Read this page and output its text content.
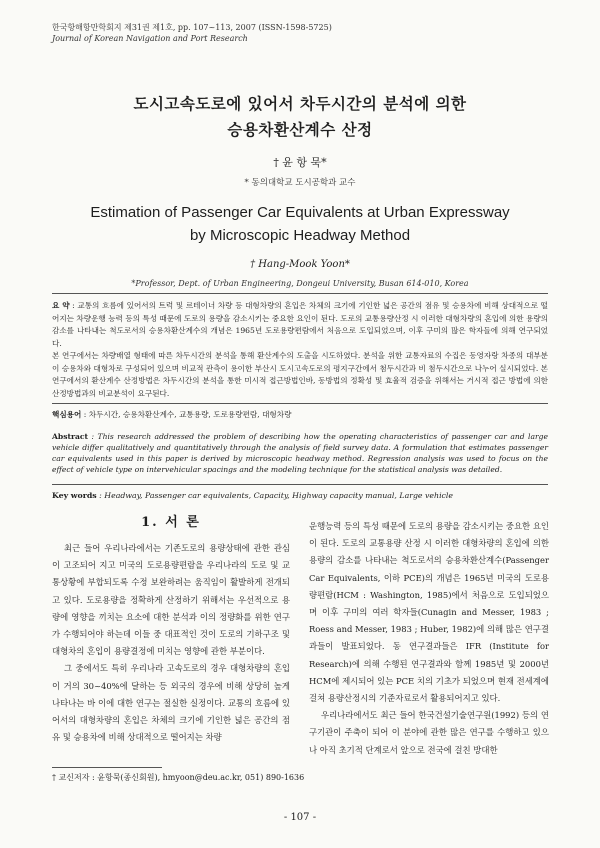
한국항해항만학회지 제31권 제1호, pp. 107~113, 2007 (ISSN-1598-5725)
Journal of Korean Navigation and Port Research
도시고속도로에 있어서 차두시간의 분석에 의한
승용차환산계수 산정
† 윤 항 묵*
* 동의대학교 도시공학과 교수
Estimation of Passenger Car Equivalents at Urban Expressway
by Microscopic Headway Method
† Hang-Mook Yoon*
*Professor, Dept. of Urban Engineering, Dongeui University, Busan 614-010, Korea

요 약 : 교통의 흐름에 있어서의 트럭 및 르테이너 차량 등 대형차량의 혼입은 차체의 크기에 기인한 넓은 공간의 점유 및 승용차에 비해 상대적으로 떨어지는 차량운행 능력 등의 특성 때문에 도로의 용량을 감소시키는 중요한 요인이 된다. 도로의 교통용량산정 시 이러한 대형차량의 혼입에 의한 용량의 감소를 나타내는 척도로서의 승용차환산계수의 개념은 1965년 도로용량편람에서 처음으로 도입되었으며, 이후 구미의 많은 학자들에 의해 연구되었다.

본 연구에서는 차량배열 형태에 따른 차두시간의 분석을 통해 환산계수의 도출을 시도하였다. 분석을 위한 교통자료의 수집은 동영자랑 차종의 대부분이 승용차와 대형차로 구성되어 있으며 비교적 관측이 용이한 부산시 도시고속도로의 평지구간에서 첨두시간과 비 첨두시간으로 나누어 실시되었다. 본 연구에서의 환산계수 산정방법은 차두시간의 분석을 통한 미시적 접근방법인바, 동방법의 정확성 및 효율적 검증을 위해서는 거시적 접근 방법에 의한 산정방법과의 비교분석이 요구된다.

핵심용어 : 차두시간, 승용차환산계수, 교통용량, 도로용량편람, 대형차량
Abstract : This research addressed the problem of describing how the operating characteristics of passenger car and large vehicle differ qualitatively and quantitatively through the analysis of field survey data. A formulation that estimates passenger car equivalents used in this paper is derived by microscopic headway method. Regression analysis was used to focus on the effect of vehicle type on intervehicular spacings and the modeling technique for the statistical analysis was detailed.
Key words : Headway, Passenger car equivalents, Capacity, Highway capacity manual, Large vehicle
1. 서 론

최근 들어 우리나라에서는 기존도로의 용량상태에 관한 관심이 고조되어 지고 미국의 도로용량편람을 우리나라의 도로 및 교통상황에 부합되도록 수정 보완하려는 움직임이 활발하게 전개되고 있다. 도로용량을 정확하게 산정하기 위해서는 우선적으로 용량에 영향을 끼치는 요소에 대한 분석과 이의 정량화를 위한 연구가 수행되어야 하는데 이들 중 대표적인 것이 도로의 기하구조 및 대형차의 혼입이 용량결정에 미치는 영향에 관한 부분이다.

그 중에서도 특히 우리나라 고속도로의 경우 대형차량의 혼입이 거의 30~40%에 달하는 등 외국의 경우에 비해 상당히 높게 나타나는 바 이에 대한 연구는 절실한 실정이다. 교통의 흐름에 있어서의 대형차량의 혼입은 차체의 크기에 기인한 넓은 공간의 점유 및 승용차에 비해 상대적으로 떨어지는 차량

운행능력 등의 특성 때문에 도로의 용량을 감소시키는 중요한 요인이 된다. 도로의 교통용량 산정 시 이러한 대형차량의 혼입에 의한 용량의 감소를 나타내는 척도로서의 승용차환산계수(Passenger Car Equivalents, 이하 PCE)의 개념은 1965년 미국의 도로용량편람(HCM : Washington, 1985)에서 처음으로 도입되었으며 이후 구미의 여러 학자들(Cunagin and Messer, 1983 ; Roess and Messer, 1983 ; Huber, 1982)에 의해 많은 연구결과들이 발표되었다. 동 연구결과들은 IFR (Institute for Research)에 의해 수행된 연구결과와 함께 1985년 및 2000년 HCM에 제시되어 있는 PCE 치의 기초가 되었으며 현재 전세계에 걸쳐 용량산정시의 기준자료로서 활용되어지고 있다.

우리나라에서도 최근 들어 한국건설기술연구원(1992) 등의 연구기관이 주축이 되어 이 분야에 관한 많은 연구를 수행하고 있으나 아직 초기적 단계로서 앞으로 전국에 걸친 방대한

† 교신저자 : 윤항묵(종신회원), hmyoon@deu.ac.kr, 051) 890-1636
- 107 -
